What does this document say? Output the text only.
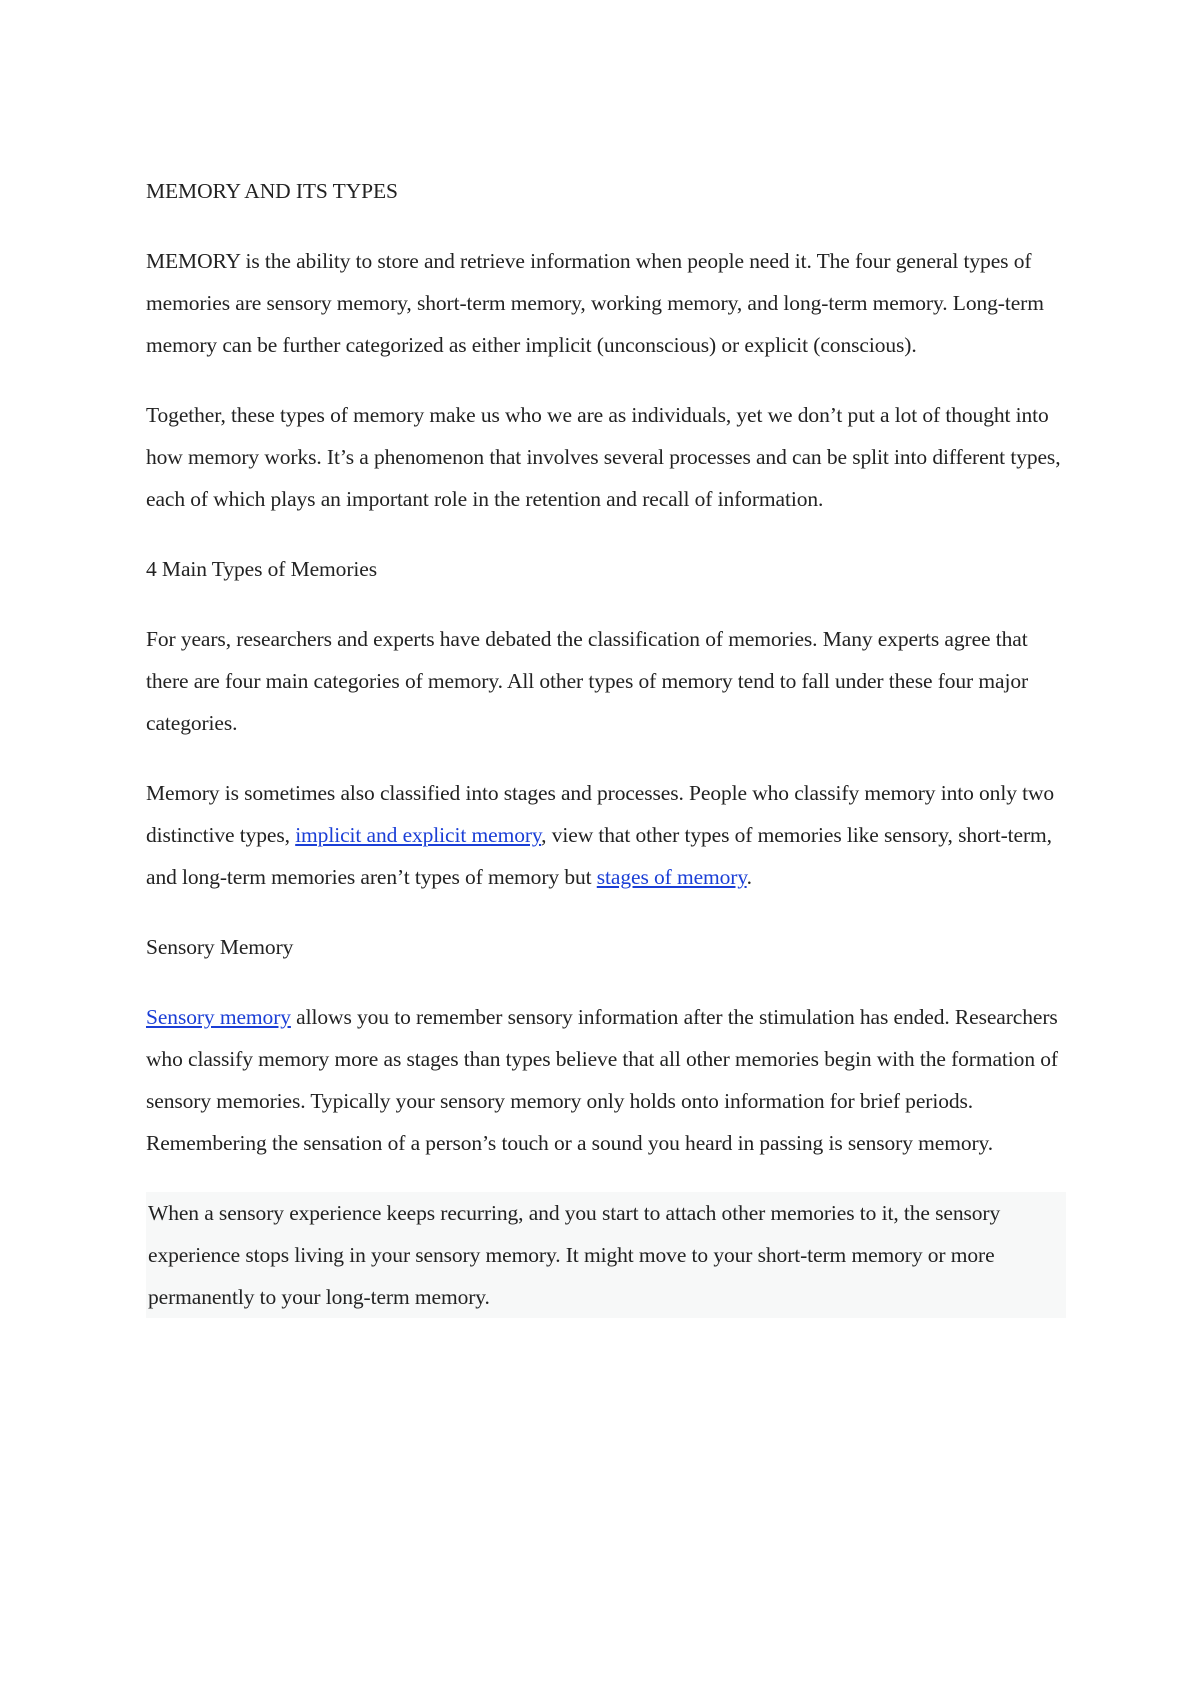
MEMORY AND ITS TYPES

MEMORY is the ability to store and retrieve information when people need it. The four general types of memories are sensory memory, short-term memory, working memory, and long-term memory. Long-term memory can be further categorized as either implicit (unconscious) or explicit (conscious).

Together, these types of memory make us who we are as individuals, yet we don’t put a lot of thought into how memory works. It’s a phenomenon that involves several processes and can be split into different types, each of which plays an important role in the retention and recall of information.

4 Main Types of Memories

For years, researchers and experts have debated the classification of memories. Many experts agree that there are four main categories of memory. All other types of memory tend to fall under these four major categories.

Memory is sometimes also classified into stages and processes. People who classify memory into only two distinctive types, implicit and explicit memory, view that other types of memories like sensory, short-term, and long-term memories aren’t types of memory but stages of memory.

Sensory Memory

Sensory memory allows you to remember sensory information after the stimulation has ended. Researchers who classify memory more as stages than types believe that all other memories begin with the formation of sensory memories. Typically your sensory memory only holds onto information for brief periods. Remembering the sensation of a person’s touch or a sound you heard in passing is sensory memory.

When a sensory experience keeps recurring, and you start to attach other memories to it, the sensory experience stops living in your sensory memory. It might move to your short-term memory or more permanently to your long-term memory.
